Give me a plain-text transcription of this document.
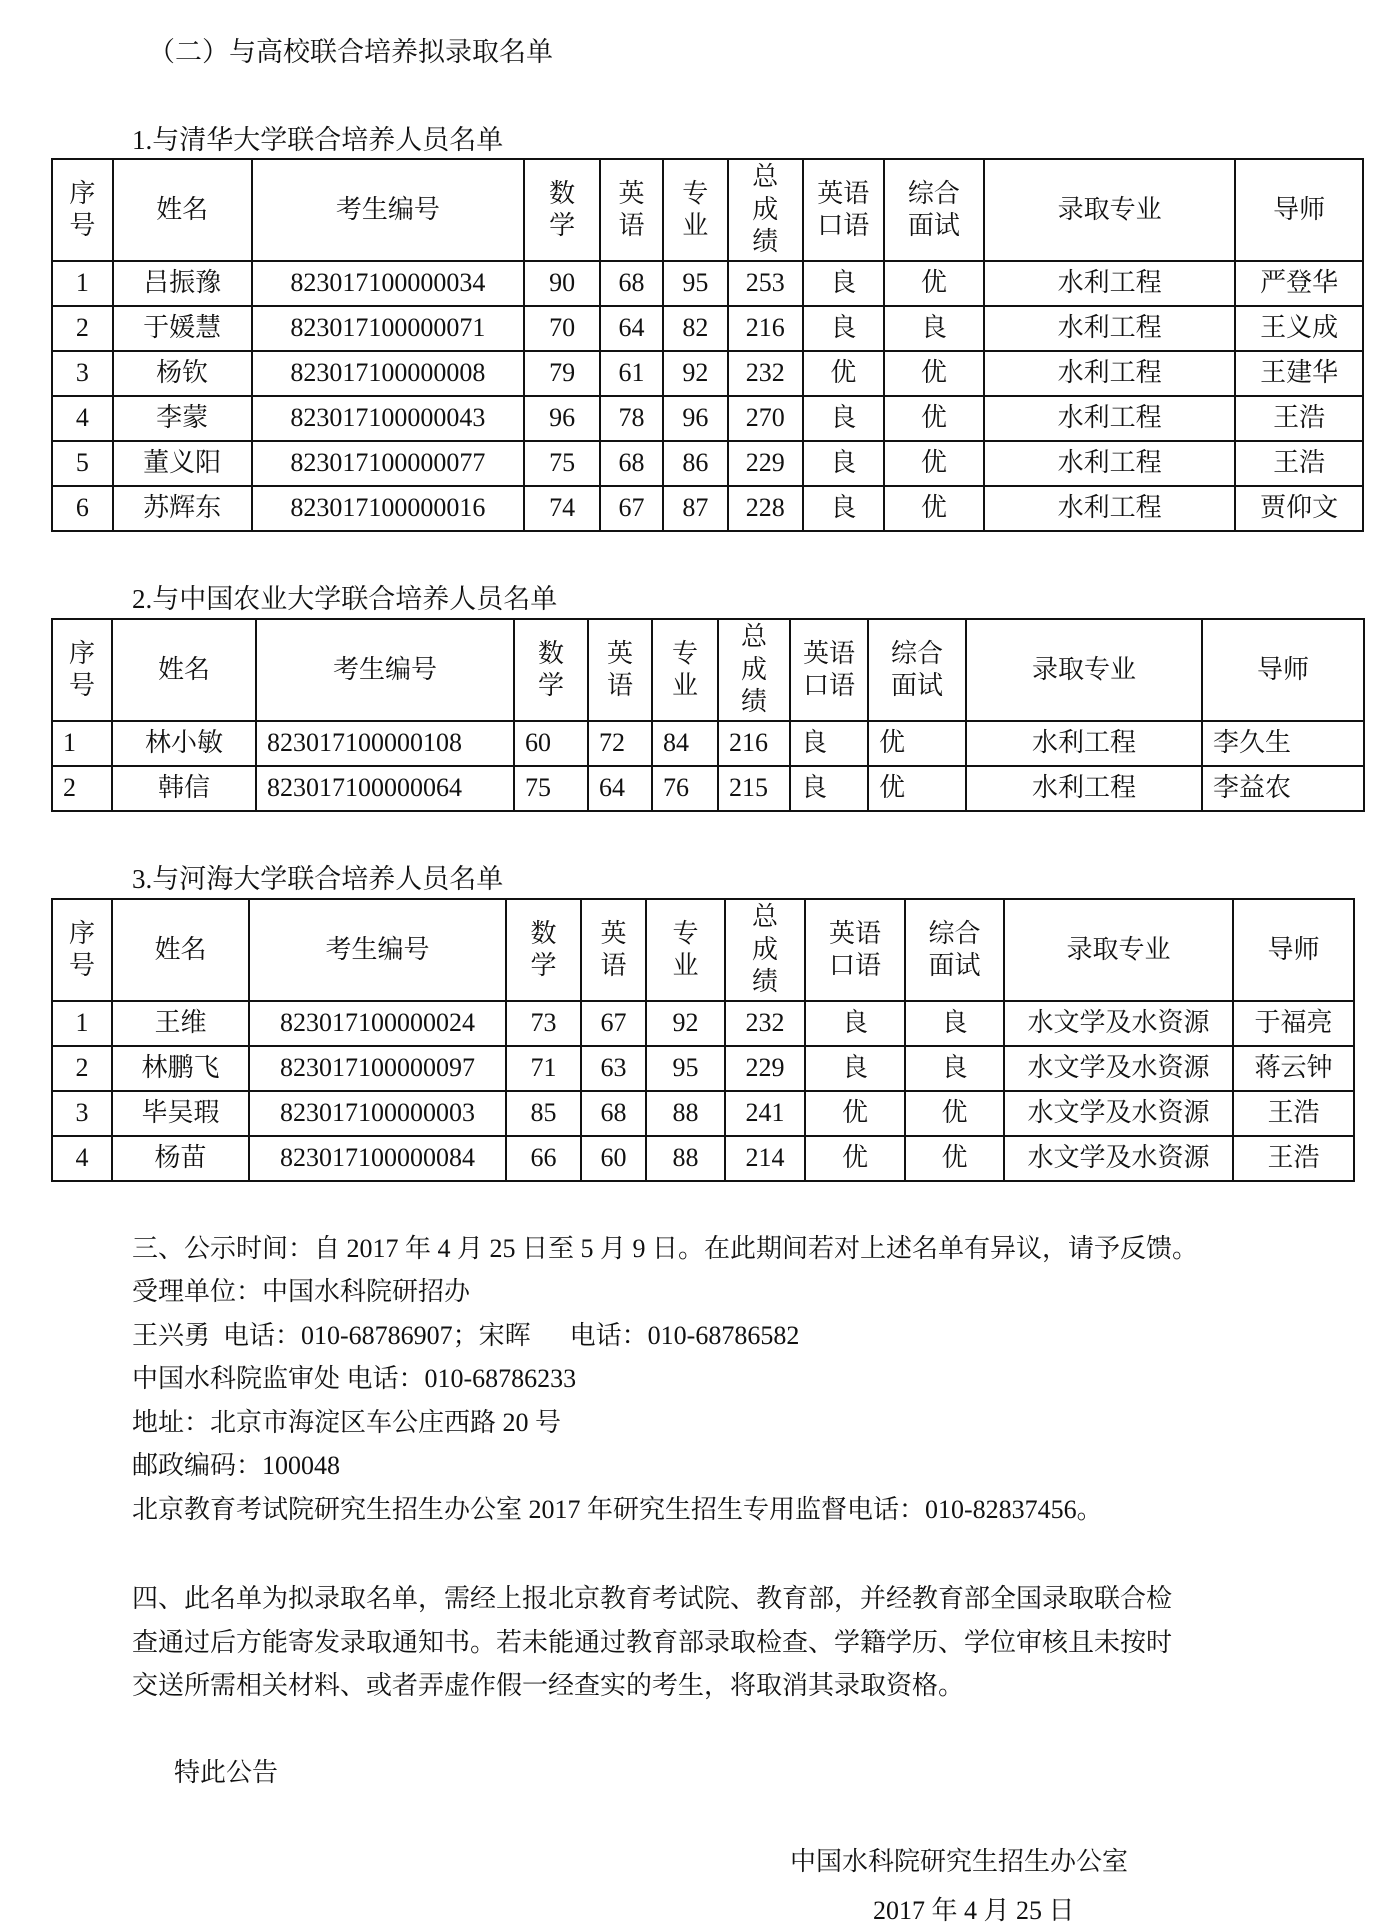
（二）与高校联合培养拟录取名单
1.与清华大学联合培养人员名单
序号	姓名	考生编号	数学	英语	专业	总成绩	英语口语	综合面试	录取专业	导师
1	吕振豫	823017100000034	90	68	95	253	良	优	水利工程	严登华
2	于媛慧	823017100000071	70	64	82	216	良	良	水利工程	王义成
3	杨钦	823017100000008	79	61	92	232	优	优	水利工程	王建华
4	李蒙	823017100000043	96	78	96	270	良	优	水利工程	王浩
5	董义阳	823017100000077	75	68	86	229	良	优	水利工程	王浩
6	苏辉东	823017100000016	74	67	87	228	良	优	水利工程	贾仰文
2.与中国农业大学联合培养人员名单
序号	姓名	考生编号	数学	英语	专业	总成绩	英语口语	综合面试	录取专业	导师
1	林小敏	823017100000108	60	72	84	216	良	优	水利工程	李久生
2	韩信	823017100000064	75	64	76	215	良	优	水利工程	李益农
3.与河海大学联合培养人员名单
序号	姓名	考生编号	数学	英语	专业	总成绩	英语口语	综合面试	录取专业	导师
1	王维	823017100000024	73	67	92	232	良	良	水文学及水资源	于福亮
2	林鹏飞	823017100000097	71	63	95	229	良	良	水文学及水资源	蒋云钟
3	毕吴瑕	823017100000003	85	68	88	241	优	优	水文学及水资源	王浩
4	杨苗	823017100000084	66	60	88	214	优	优	水文学及水资源	王浩
三、公示时间：自 2017 年 4 月 25 日至 5 月 9 日。在此期间若对上述名单有异议，请予反馈。
受理单位：中国水科院研招办
王兴勇  电话：010-68786907；宋晖      电话：010-68786582
中国水科院监审处 电话：010-68786233
地址：北京市海淀区车公庄西路 20 号
邮政编码：100048
北京教育考试院研究生招生办公室 2017 年研究生招生专用监督电话：010-82837456。
四、此名单为拟录取名单，需经上报北京教育考试院、教育部，并经教育部全国录取联合检
查通过后方能寄发录取通知书。若未能通过教育部录取检查、学籍学历、学位审核且未按时
交送所需相关材料、或者弄虚作假一经查实的考生，将取消其录取资格。
特此公告
中国水科院研究生招生办公室
2017 年 4 月 25 日
